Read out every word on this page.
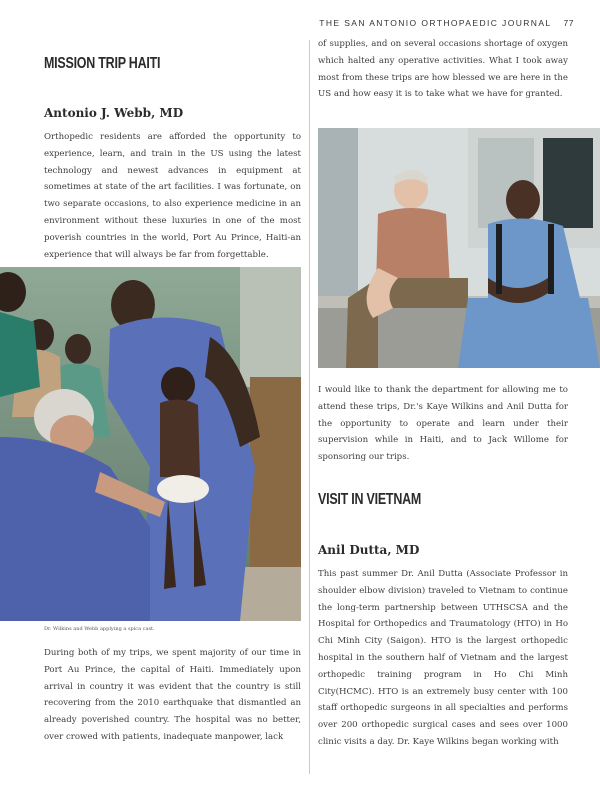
THE SAN ANTONIO ORTHOPAEDIC JOURNAL 77
MISSION TRIP HAITI
Antonio J. Webb, MD

Orthopedic residents are afforded the opportunity to experience, learn, and train in the US using the latest technology and newest advances in equipment at sometimes at state of the art facilities. I was fortunate, on two separate occasions, to also experience medicine in an environment without these luxuries in one of the most poverish countries in the world, Port Au Prince, Haiti-an experience that will always be far from forgettable.

Dr. Wilkins and Webb applying a spica cast.

During both of my trips, we spent majority of our time in Port Au Prince, the capital of Haiti. Immediately upon arrival in country it was evident that the country is still recovering from the 2010 earthquake that dismantled an already poverished country. The hospital was no better, over crowed with patients, inadequate manpower, lack

of supplies, and on several occasions shortage of oxygen which halted any operative activities. What I took away most from these trips are how blessed we are here in the US and how easy it is to take what we have for granted.

I would like to thank the department for allowing me to attend these trips, Dr.'s Kaye Wilkins and Anil Dutta for the opportunity to operate and learn under their supervision while in Haiti, and to Jack Willome for sponsoring our trips.

VISIT IN VIETNAM
Anil Dutta, MD

This past summer Dr. Anil Dutta (Associate Professor in shoulder elbow division) traveled to Vietnam to continue the long-term partnership between UTHSCSA and the Hospital for Orthopedics and Traumatology (HTO) in Ho Chi Minh City (Saigon). HTO is the largest orthopedic hospital in the southern half of Vietnam and the largest orthopedic training program in Ho Chi Minh City(HCMC). HTO is an extremely busy center with 100 staff orthopedic surgeons in all specialties and performs over 200 orthopedic surgical cases and sees over 1000 clinic visits a day. Dr. Kaye Wilkins began working with
